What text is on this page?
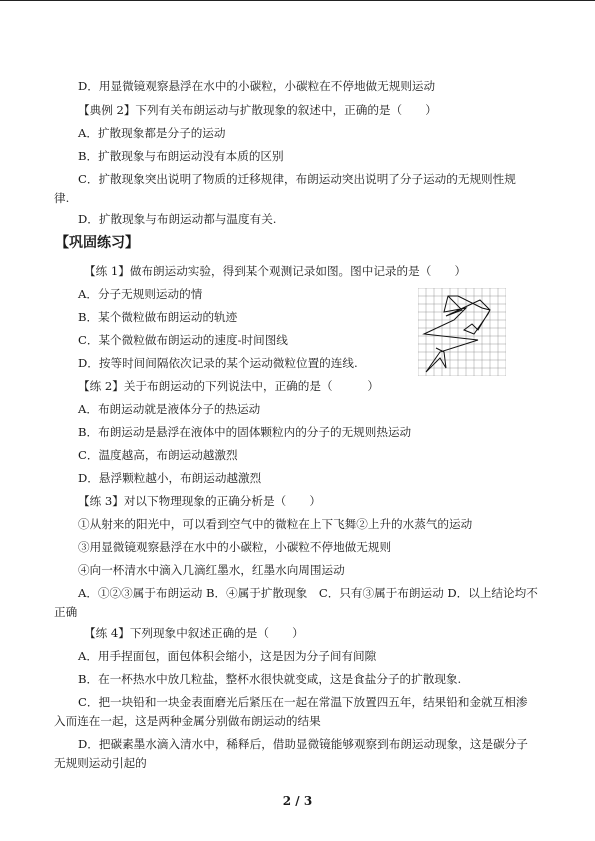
D．用显微镜观察悬浮在水中的小碳粒，小碳粒在不停地做无规则运动
【典例 2】下列有关布朗运动与扩散现象的叙述中，正确的是（　　）
A．扩散现象都是分子的运动
B．扩散现象与布朗运动没有本质的区别
C．扩散现象突出说明了物质的迁移规律，布朗运动突出说明了分子运动的无规则性规
律.
D．扩散现象与布朗运动都与温度有关.
【巩固练习】
【练 1】做布朗运动实验，得到某个观测记录如图。图中记录的是（　　）
A．分子无规则运动的情
B．某个微粒做布朗运动的轨迹
C．某个微粒做布朗运动的速度-时间图线
D．按等时间间隔依次记录的某个运动微粒位置的连线.
【练 2】关于布朗运动的下列说法中，正确的是（　　　）
A．布朗运动就是液体分子的热运动
B．布朗运动是悬浮在液体中的固体颗粒内的分子的无规则热运动
C．温度越高，布朗运动越激烈
D．悬浮颗粒越小，布朗运动越激烈
【练 3】对以下物理现象的正确分析是（　　）
①从射来的阳光中，可以看到空气中的微粒在上下飞舞②上升的水蒸气的运动
③用显微镜观察悬浮在水中的小碳粒，小碳粒不停地做无规则
④向一杯清水中滴入几滴红墨水，红墨水向周围运动
A．①②③属于布朗运动 B．④属于扩散现象　C．只有③属于布朗运动 D．以上结论均不
正确
【练 4】下列现象中叙述正确的是（　　）
A．用手捏面包，面包体积会缩小，这是因为分子间有间隙
B．在一杯热水中放几粒盐，整杯水很快就变咸，这是食盐分子的扩散现象.
C．把一块铅和一块金表面磨光后紧压在一起在常温下放置四五年，结果铅和金就互相渗
入而连在一起，这是两种金属分别做布朗运动的结果
D．把碳素墨水滴入清水中，稀释后，借助显微镜能够观察到布朗运动现象，这是碳分子
无规则运动引起的
2 / 3
